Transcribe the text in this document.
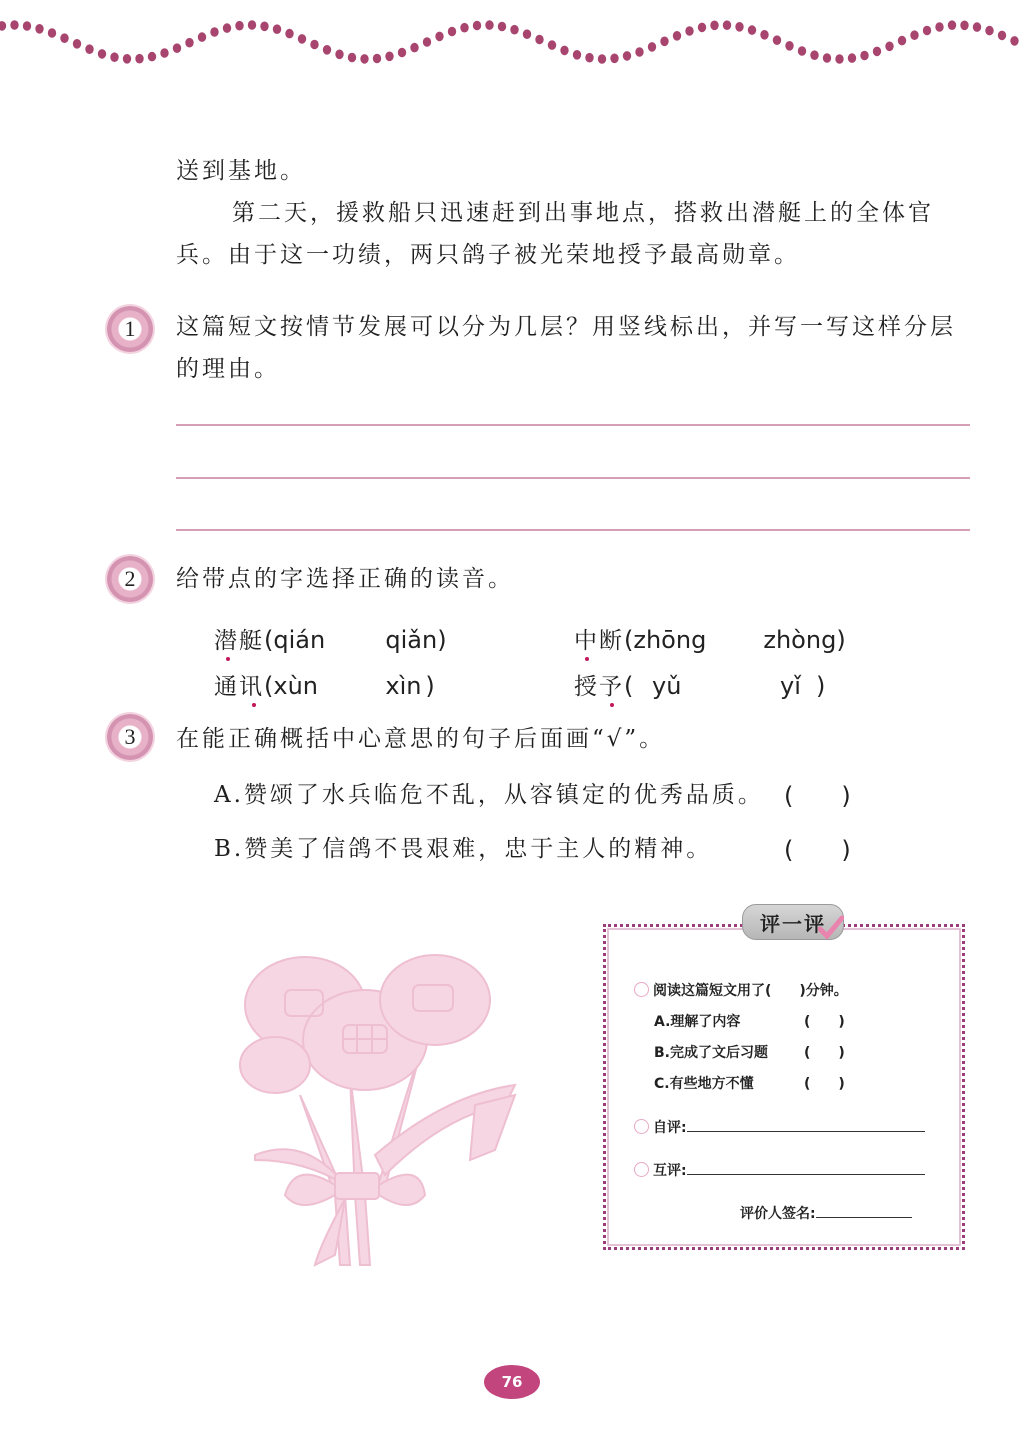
送到基地。
第二天，援救船只迅速赶到出事地点，搭救出潜艇上的全体官兵。由于这一功绩，两只鸽子被光荣地授予最高勋章。
1 这篇短文按情节发展可以分为几层？用竖线标出，并写一写这样分层的理由。
2 给带点的字选择正确的读音。
潜艇 ( qián	qiǎn )	中断 ( zhōng	zhòng )
通讯 ( xùn	xìn )	授予 ( yǔ	yǐ )
3 在能正确概括中心意思的句子后面画“√”。
A.赞颂了水兵临危不乱，从容镇定的优秀品质。 (　　)
B.赞美了信鸽不畏艰难，忠于主人的精神。	(　　)
评一评
阅读这篇短文用了(　　)分钟。
A.理解了内容	(　　)
B.完成了文后习题	(　　)
C.有些地方不懂	(　　)
自评:
互评:
评价人签名:
76
